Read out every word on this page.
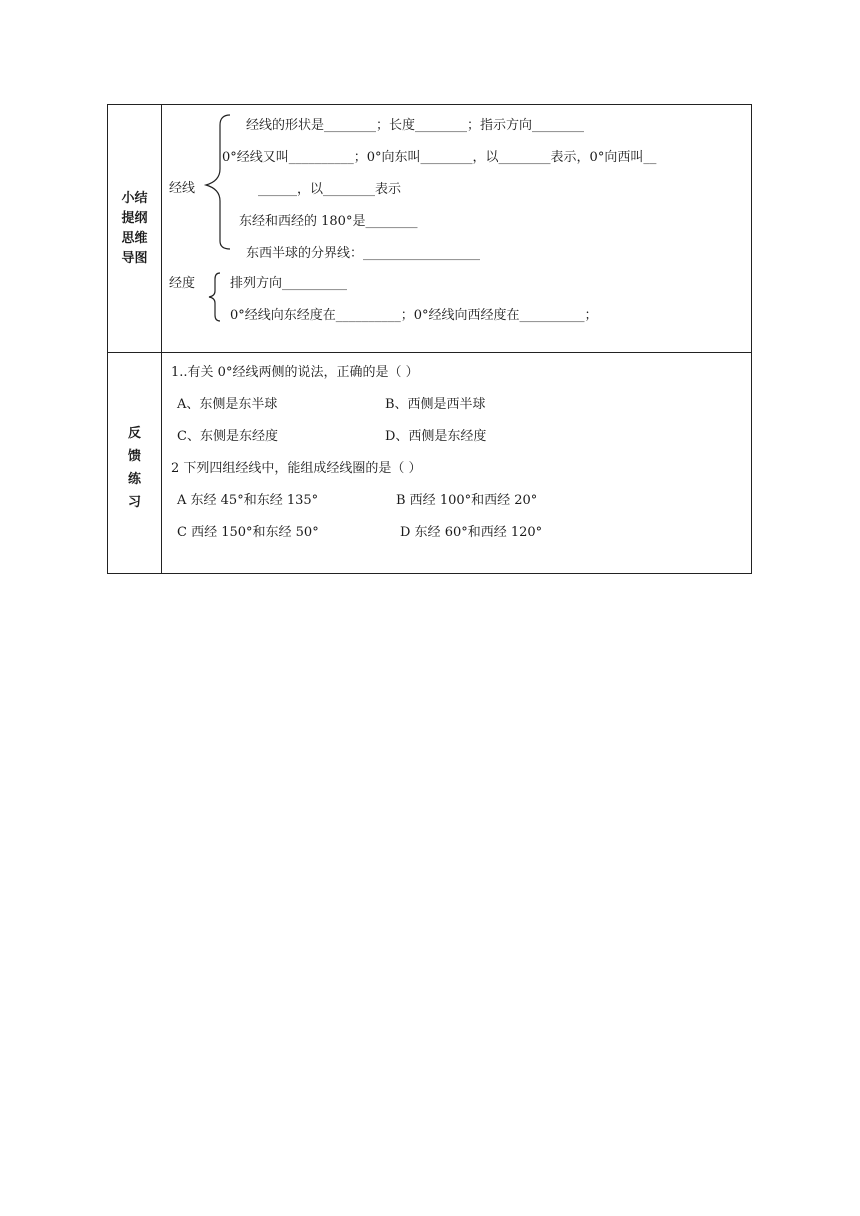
小结
提纲
思维
导图
经线
经线的形状是________；长度________；指示方向________
0°经线又叫__________；0°向东叫________，以________表示，0°向西叫__
______，以________表示
东经和西经的 180°是________
东西半球的分界线：__________________
经度	排列方向__________
0°经线向东经度在__________；0°经线向西经度在__________；
反
馈
练
习
1..有关 0°经线两侧的说法，正确的是（ ）
A、东侧是东半球	B、西侧是西半球
C、东侧是东经度	D、西侧是东经度
2 下列四组经线中，能组成经线圈的是（ ）
A 东经 45°和东经 135°	B 西经 100°和西经 20°
C 西经 150°和东经 50°	D 东经 60°和西经 120°
